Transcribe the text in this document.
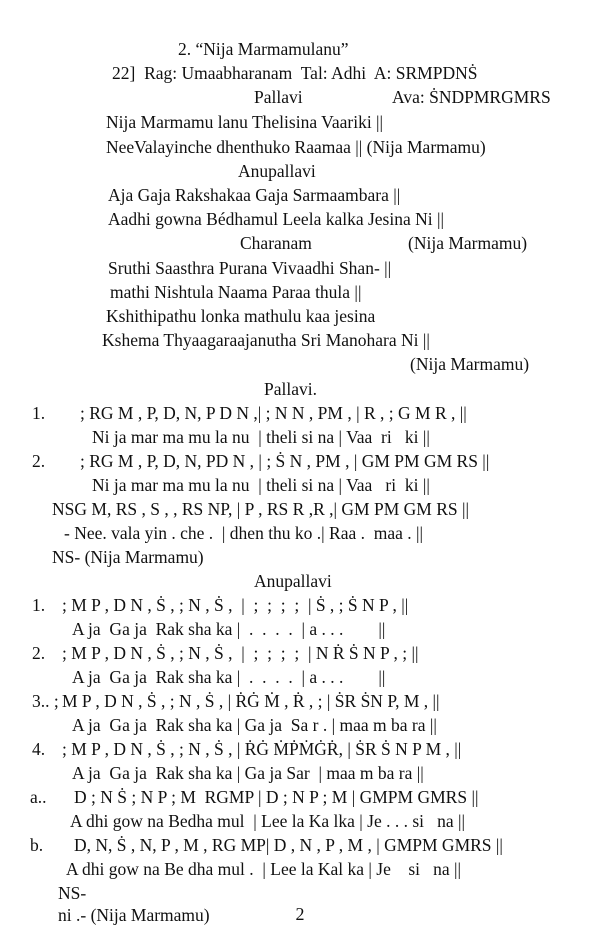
2. “Nija Marmamulanu”
22]  Rag: Umaabharanam  Tal: Adhi  A: SRMPDNṠ
Pallavi	Ava: ṠNDPMRGMRS
Nija Marmamu lanu Thelisina Vaariki ||
NeeValayinche dhenthuko Raamaa || (Nija Marmamu)
Anupallavi
Aja Gaja Rakshakaa Gaja Sarmaambara ||
Aadhi gowna Bédhamul Leela kalka Jesina Ni ||
Charanam	(Nija Marmamu)
Sruthi Saasthra Purana Vivaadhi Shan- ||
mathi Nishtula Naama Paraa thula ||
Kshithipathu lonka mathulu kaa jesina
Kshema Thyaagaraajanutha Sri Manohara Ni ||
(Nija Marmamu)
Pallavi.
1. ; RG M , P, D, N, P D N ,| ; N N , PM , | R , ; G M R , ||
Ni ja mar ma mu la nu  | theli si na | Vaa  ri   ki ||
2. ; RG M , P, D, N, PD N , | ; Ṡ N , PM , | GM PM GM RS ||
Ni ja mar ma mu la nu  | theli si na | Vaa   ri  ki ||
NSG M, RS , S , , RS NP, | P , RS R ,R ,| GM PM GM RS ||
- Nee. vala yin . che .  | dhen thu ko .| Raa .  maa . ||
NS- (Nija Marmamu)
Anupallavi
1. ; M P , D N , Ṡ , ; N , Ṡ ,  |  ;  ;  ;  ;  | Ṡ , ; Ṡ N P , ||
A ja  Ga ja  Rak sha ka |  .  .  .  .  | a . . .        ||
2. ; M P , D N , Ṡ , ; N , Ṡ ,  |  ;  ;  ;  ;  | N Ṙ Ṡ N P , ; ||
A ja  Ga ja  Rak sha ka |  .  .  .  .  | a . . .        ||
3.. ; M P , D N , Ṡ , ; N , Ṡ , | ṘĠ Ṁ , Ṙ , ; | ṠR ṠN P, M , ||
A ja  Ga ja  Rak sha ka | Ga ja  Sa r . | maa m ba ra ||
4. ; M P , D N , Ṡ , ; N , Ṡ , | ṘĠ ṀṖṀĠṘ, | ṠR Ṡ N P M , ||
A ja  Ga ja  Rak sha ka | Ga ja Sar  | maa m ba ra ||
a.. D ; N Ṡ ; N P ; M  RGMP | D ; N P ; M | GMPM GMRS ||
A dhi gow na Bedha mul  | Lee la Ka lka | Je . . . si   na ||
b. D, N, Ṡ , N, P , M , RG MP| D , N , P , M , | GMPM GMRS ||
A dhi gow na Be dha mul .  | Lee la Kal ka | Je    si   na ||
NS-
ni .- (Nija Marmamu)	2
